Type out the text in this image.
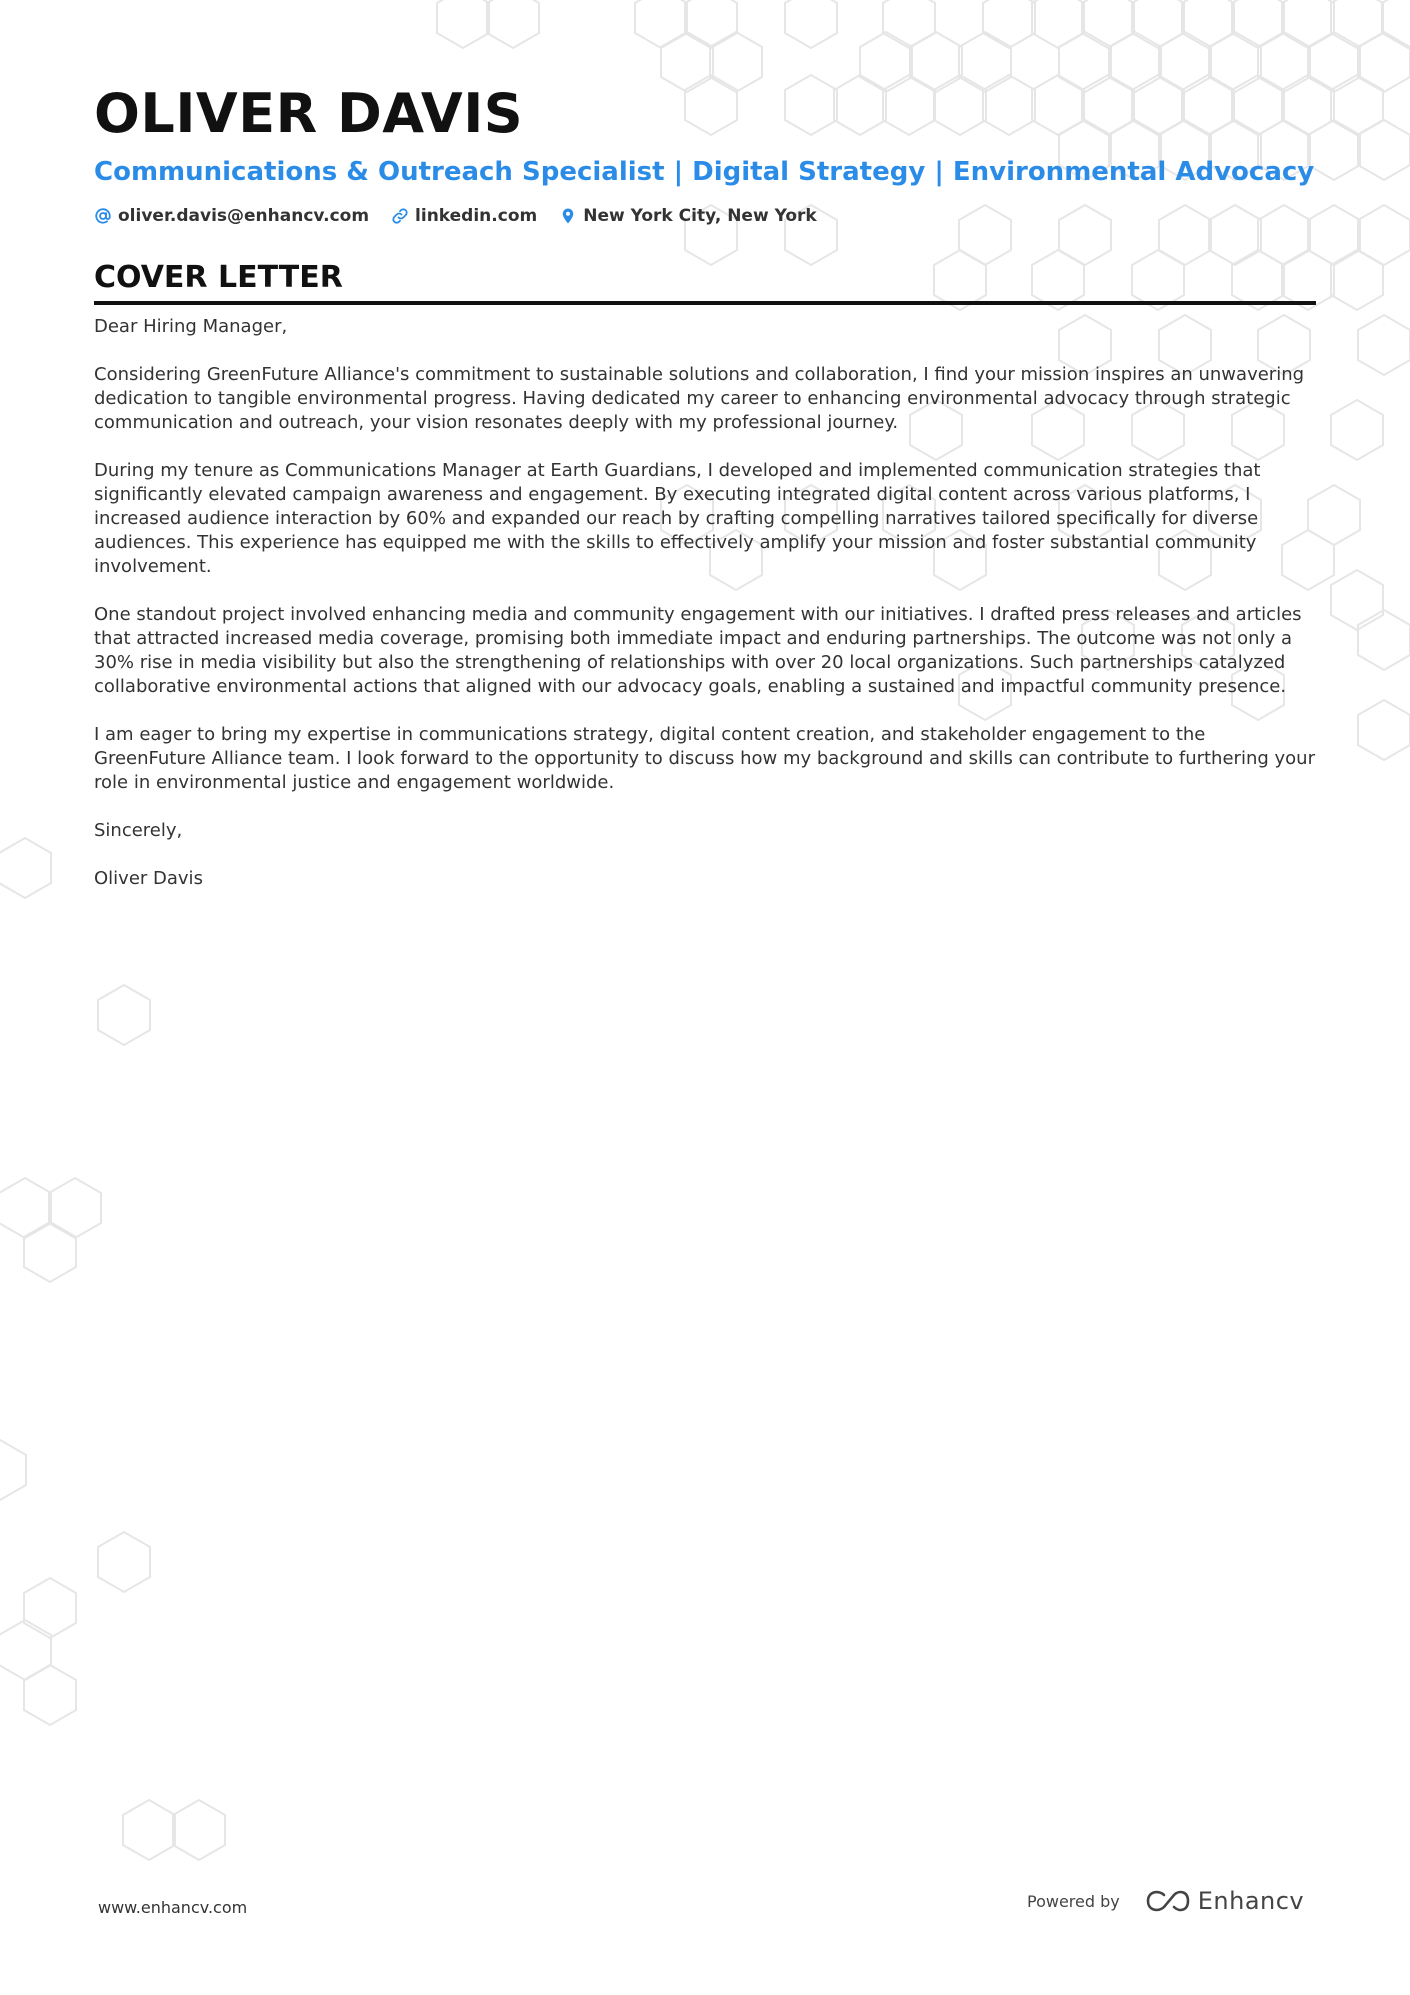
OLIVER DAVIS
Communications & Outreach Specialist | Digital Strategy | Environmental Advocacy
oliver.davis@enhancv.com	linkedin.com	New York City, New York
COVER LETTER

Dear Hiring Manager,

Considering GreenFuture Alliance's commitment to sustainable solutions and collaboration, I find your mission inspires an unwavering dedication to tangible environmental progress. Having dedicated my career to enhancing environmental advocacy through strategic communication and outreach, your vision resonates deeply with my professional journey.

During my tenure as Communications Manager at Earth Guardians, I developed and implemented communication strategies that significantly elevated campaign awareness and engagement. By executing integrated digital content across various platforms, I increased audience interaction by 60% and expanded our reach by crafting compelling narratives tailored specifically for diverse audiences. This experience has equipped me with the skills to effectively amplify your mission and foster substantial community involvement.

One standout project involved enhancing media and community engagement with our initiatives. I drafted press releases and articles that attracted increased media coverage, promising both immediate impact and enduring partnerships. The outcome was not only a 30% rise in media visibility but also the strengthening of relationships with over 20 local organizations. Such partnerships catalyzed collaborative environmental actions that aligned with our advocacy goals, enabling a sustained and impactful community presence.

I am eager to bring my expertise in communications strategy, digital content creation, and stakeholder engagement to the GreenFuture Alliance team. I look forward to the opportunity to discuss how my background and skills can contribute to furthering your role in environmental justice and engagement worldwide.

Sincerely,

Oliver Davis

www.enhancv.com	Powered by	Enhancv
